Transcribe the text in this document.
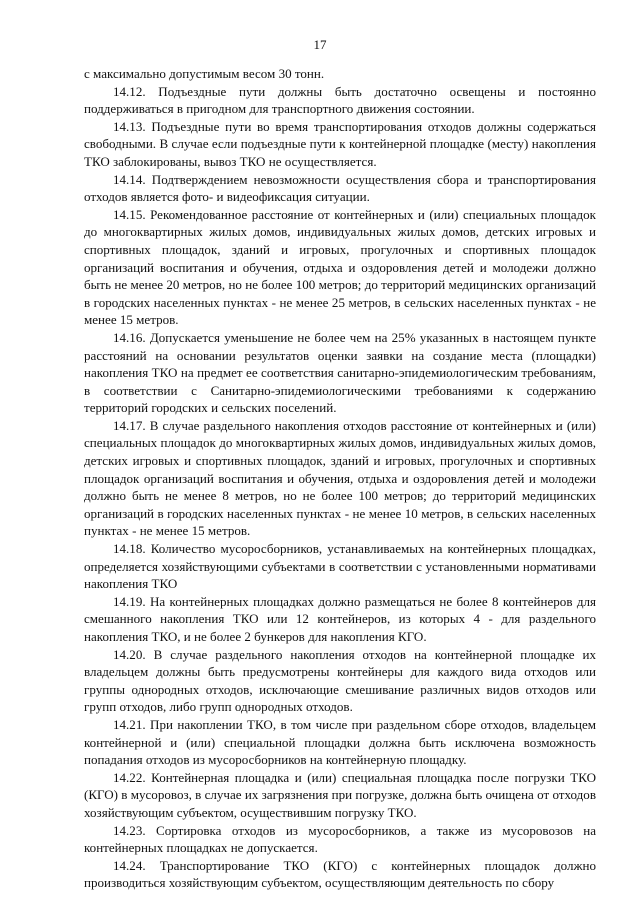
17

с максимально допустимым весом 30 тонн.

14.12. Подъездные пути должны быть достаточно освещены и постоянно поддерживаться в пригодном для транспортного движения состоянии.

14.13. Подъездные пути во время транспортирования отходов должны содержаться свободными. В случае если подъездные пути к контейнерной площадке (месту) накопления ТКО заблокированы, вывоз ТКО не осуществляется.

14.14. Подтверждением невозможности осуществления сбора и транспортирования отходов является фото- и видеофиксация ситуации.

14.15. Рекомендованное расстояние от контейнерных и (или) специальных площадок до многоквартирных жилых домов, индивидуальных жилых домов, детских игровых и спортивных площадок, зданий и игровых, прогулочных и спортивных площадок организаций воспитания и обучения, отдыха и оздоровления детей и молодежи должно быть не менее 20 метров, но не более 100 метров; до территорий медицинских организаций в городских населенных пунктах - не менее 25 метров, в сельских населенных пунктах - не менее 15 метров.

14.16. Допускается уменьшение не более чем на 25% указанных в настоящем пункте расстояний на основании результатов оценки заявки на создание места (площадки) накопления ТКО на предмет ее соответствия санитарно-эпидемиологическим требованиям, в соответствии с Санитарно-эпидемиологическими требованиями к содержанию территорий городских и сельских поселений.

14.17. В случае раздельного накопления отходов расстояние от контейнерных и (или) специальных площадок до многоквартирных жилых домов, индивидуальных жилых домов, детских игровых и спортивных площадок, зданий и игровых, прогулочных и спортивных площадок организаций воспитания и обучения, отдыха и оздоровления детей и молодежи должно быть не менее 8 метров, но не более 100 метров; до территорий медицинских организаций в городских населенных пунктах - не менее 10 метров, в сельских населенных пунктах - не менее 15 метров.

14.18. Количество мусоросборников, устанавливаемых на контейнерных площадках, определяется хозяйствующими субъектами в соответствии с установленными нормативами накопления ТКО

14.19. На контейнерных площадках должно размещаться не более 8 контейнеров для смешанного накопления ТКО или 12 контейнеров, из которых 4 - для раздельного накопления ТКО, и не более 2 бункеров для накопления КГО.

14.20. В случае раздельного накопления отходов на контейнерной площадке их владельцем должны быть предусмотрены контейнеры для каждого вида отходов или группы однородных отходов, исключающие смешивание различных видов отходов или групп отходов, либо групп однородных отходов.

14.21. При накоплении ТКО, в том числе при раздельном сборе отходов, владельцем контейнерной и (или) специальной площадки должна быть исключена возможность попадания отходов из мусоросборников на контейнерную площадку.

14.22. Контейнерная площадка и (или) специальная площадка после погрузки ТКО (КГО) в мусоровоз, в случае их загрязнения при погрузке, должна быть очищена от отходов хозяйствующим субъектом, осуществившим погрузку ТКО.

14.23. Сортировка отходов из мусоросборников, а также из мусоровозов на контейнерных площадках не допускается.

14.24. Транспортирование ТКО (КГО) с контейнерных площадок должно производиться хозяйствующим субъектом, осуществляющим деятельность по сбору
